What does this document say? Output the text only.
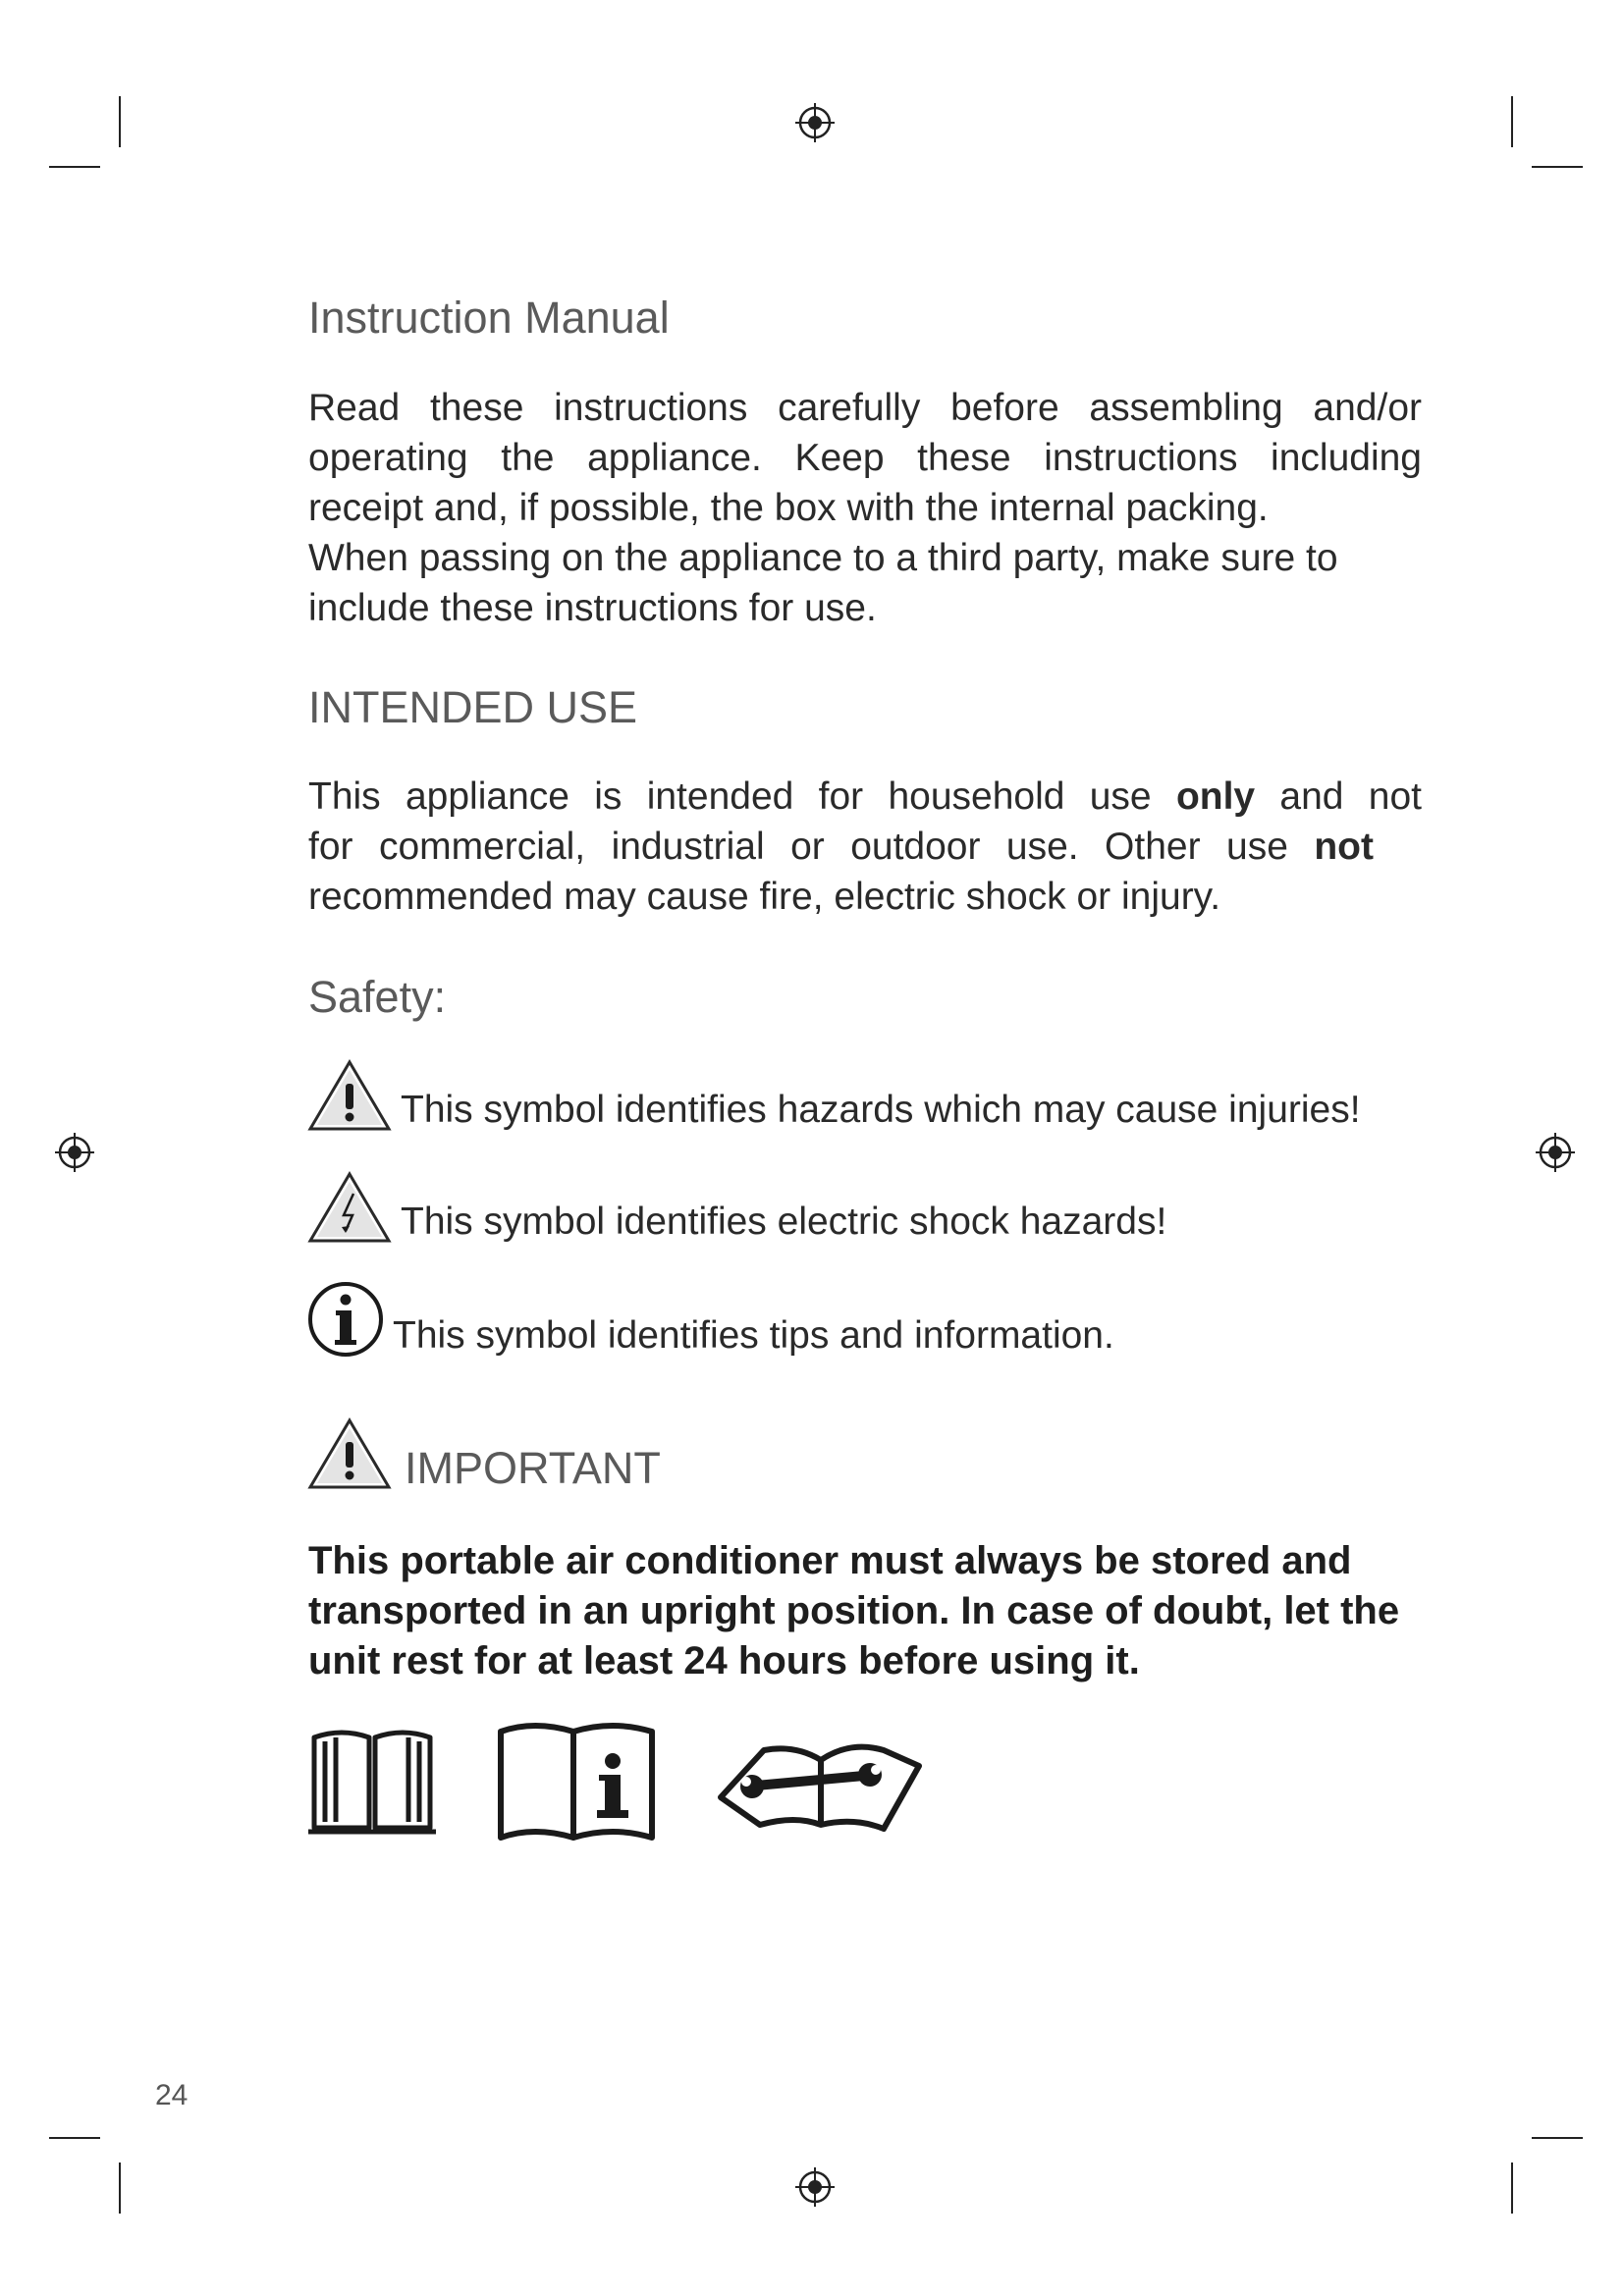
Instruction Manual

Read these instructions carefully before assembling and/or

operating the appliance. Keep these instructions including

receipt and, if possible, the box with the internal packing.

When passing on the appliance to a third party, make sure to

include these instructions for use.

INTENDED USE

This appliance is intended for household use only and not

for commercial, industrial or outdoor use. Other use not

recommended may cause fire, electric shock or injury.

Safety:
This symbol identifies hazards which may cause injuries!
This symbol identifies electric shock hazards!
This symbol identifies tips and information.
IMPORTANT
This portable air conditioner must always be stored and
transported in an upright position. In case of doubt, let the
unit rest for at least 24 hours before using it.
24
